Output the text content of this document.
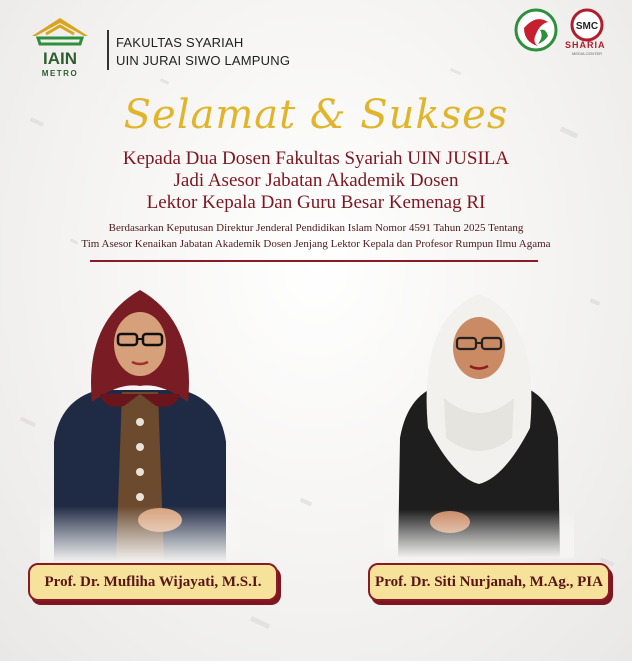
IAIN
METRO
FAKULTAS SYARIAH
UIN JURAI SIWO LAMPUNG
SMC
SHARIA
MEDIA CENTER
Selamat & Sukses
Kepada Dua Dosen Fakultas Syariah UIN JUSILA
Jadi Asesor Jabatan Akademik Dosen
Lektor Kepala Dan Guru Besar Kemenag RI
Berdasarkan Keputusan Direktur Jenderal Pendidikan Islam Nomor 4591 Tahun 2025 Tentang
Tim Asesor Kenaikan Jabatan Akademik Dosen Jenjang Lektor Kepala dan Profesor Rumpun Ilmu Agama
Prof. Dr. Mufliha Wijayati, M.S.I.	Prof. Dr. Siti Nurjanah, M.Ag., PIA
